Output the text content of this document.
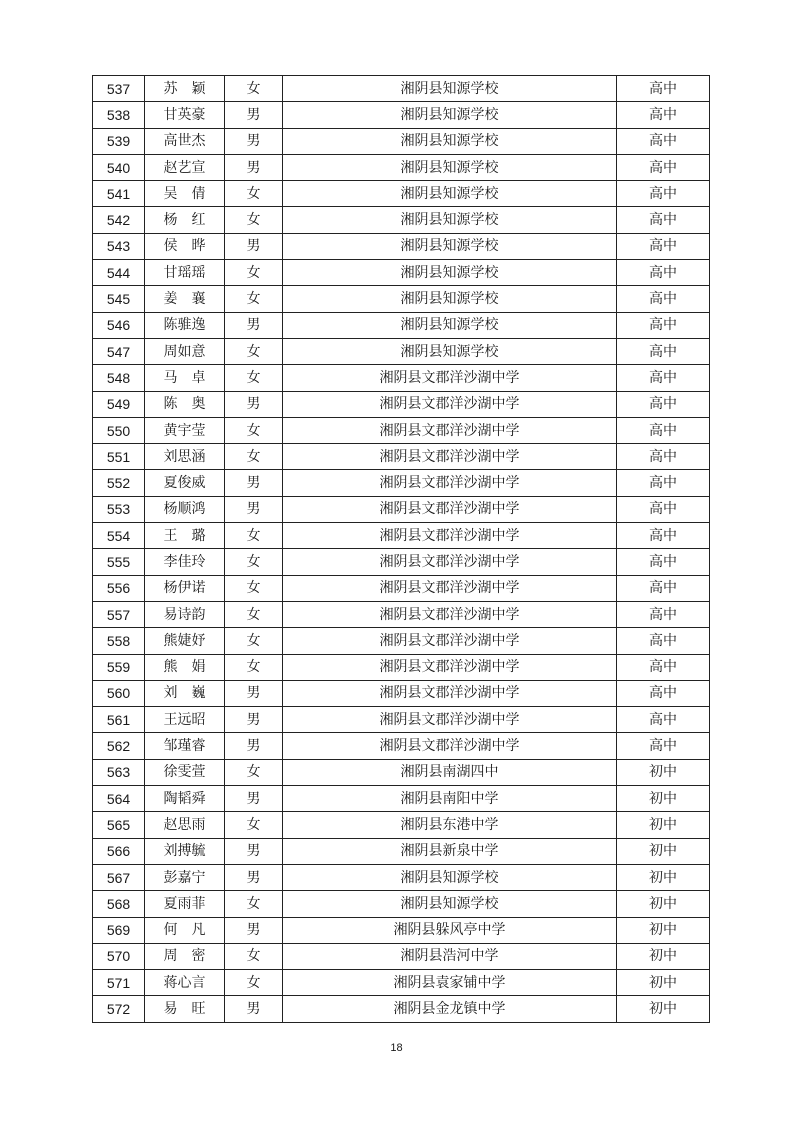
537	苏　颖	女	湘阴县知源学校	高中
538	甘英豪	男	湘阴县知源学校	高中
539	高世杰	男	湘阴县知源学校	高中
540	赵艺宣	男	湘阴县知源学校	高中
541	吴　倩	女	湘阴县知源学校	高中
542	杨　红	女	湘阴县知源学校	高中
543	侯　晔	男	湘阴县知源学校	高中
544	甘瑶瑶	女	湘阴县知源学校	高中
545	姜　襄	女	湘阴县知源学校	高中
546	陈骓逸	男	湘阴县知源学校	高中
547	周如意	女	湘阴县知源学校	高中
548	马　卓	女	湘阴县文郡洋沙湖中学	高中
549	陈　奥	男	湘阴县文郡洋沙湖中学	高中
550	黄宇莹	女	湘阴县文郡洋沙湖中学	高中
551	刘思涵	女	湘阴县文郡洋沙湖中学	高中
552	夏俊威	男	湘阴县文郡洋沙湖中学	高中
553	杨顺鸿	男	湘阴县文郡洋沙湖中学	高中
554	王　璐	女	湘阴县文郡洋沙湖中学	高中
555	李佳玲	女	湘阴县文郡洋沙湖中学	高中
556	杨伊诺	女	湘阴县文郡洋沙湖中学	高中
557	易诗韵	女	湘阴县文郡洋沙湖中学	高中
558	熊婕妤	女	湘阴县文郡洋沙湖中学	高中
559	熊　娟	女	湘阴县文郡洋沙湖中学	高中
560	刘　巍	男	湘阴县文郡洋沙湖中学	高中
561	王远昭	男	湘阴县文郡洋沙湖中学	高中
562	邹瑾睿	男	湘阴县文郡洋沙湖中学	高中
563	徐雯萱	女	湘阴县南湖四中	初中
564	陶韬舜	男	湘阴县南阳中学	初中
565	赵思雨	女	湘阴县东港中学	初中
566	刘搏毓	男	湘阴县新泉中学	初中
567	彭嘉宁	男	湘阴县知源学校	初中
568	夏雨菲	女	湘阴县知源学校	初中
569	何　凡	男	湘阴县躲风亭中学	初中
570	周　密	女	湘阴县浩河中学	初中
571	蒋心言	女	湘阴县袁家铺中学	初中
572	易　旺	男	湘阴县金龙镇中学	初中
18
